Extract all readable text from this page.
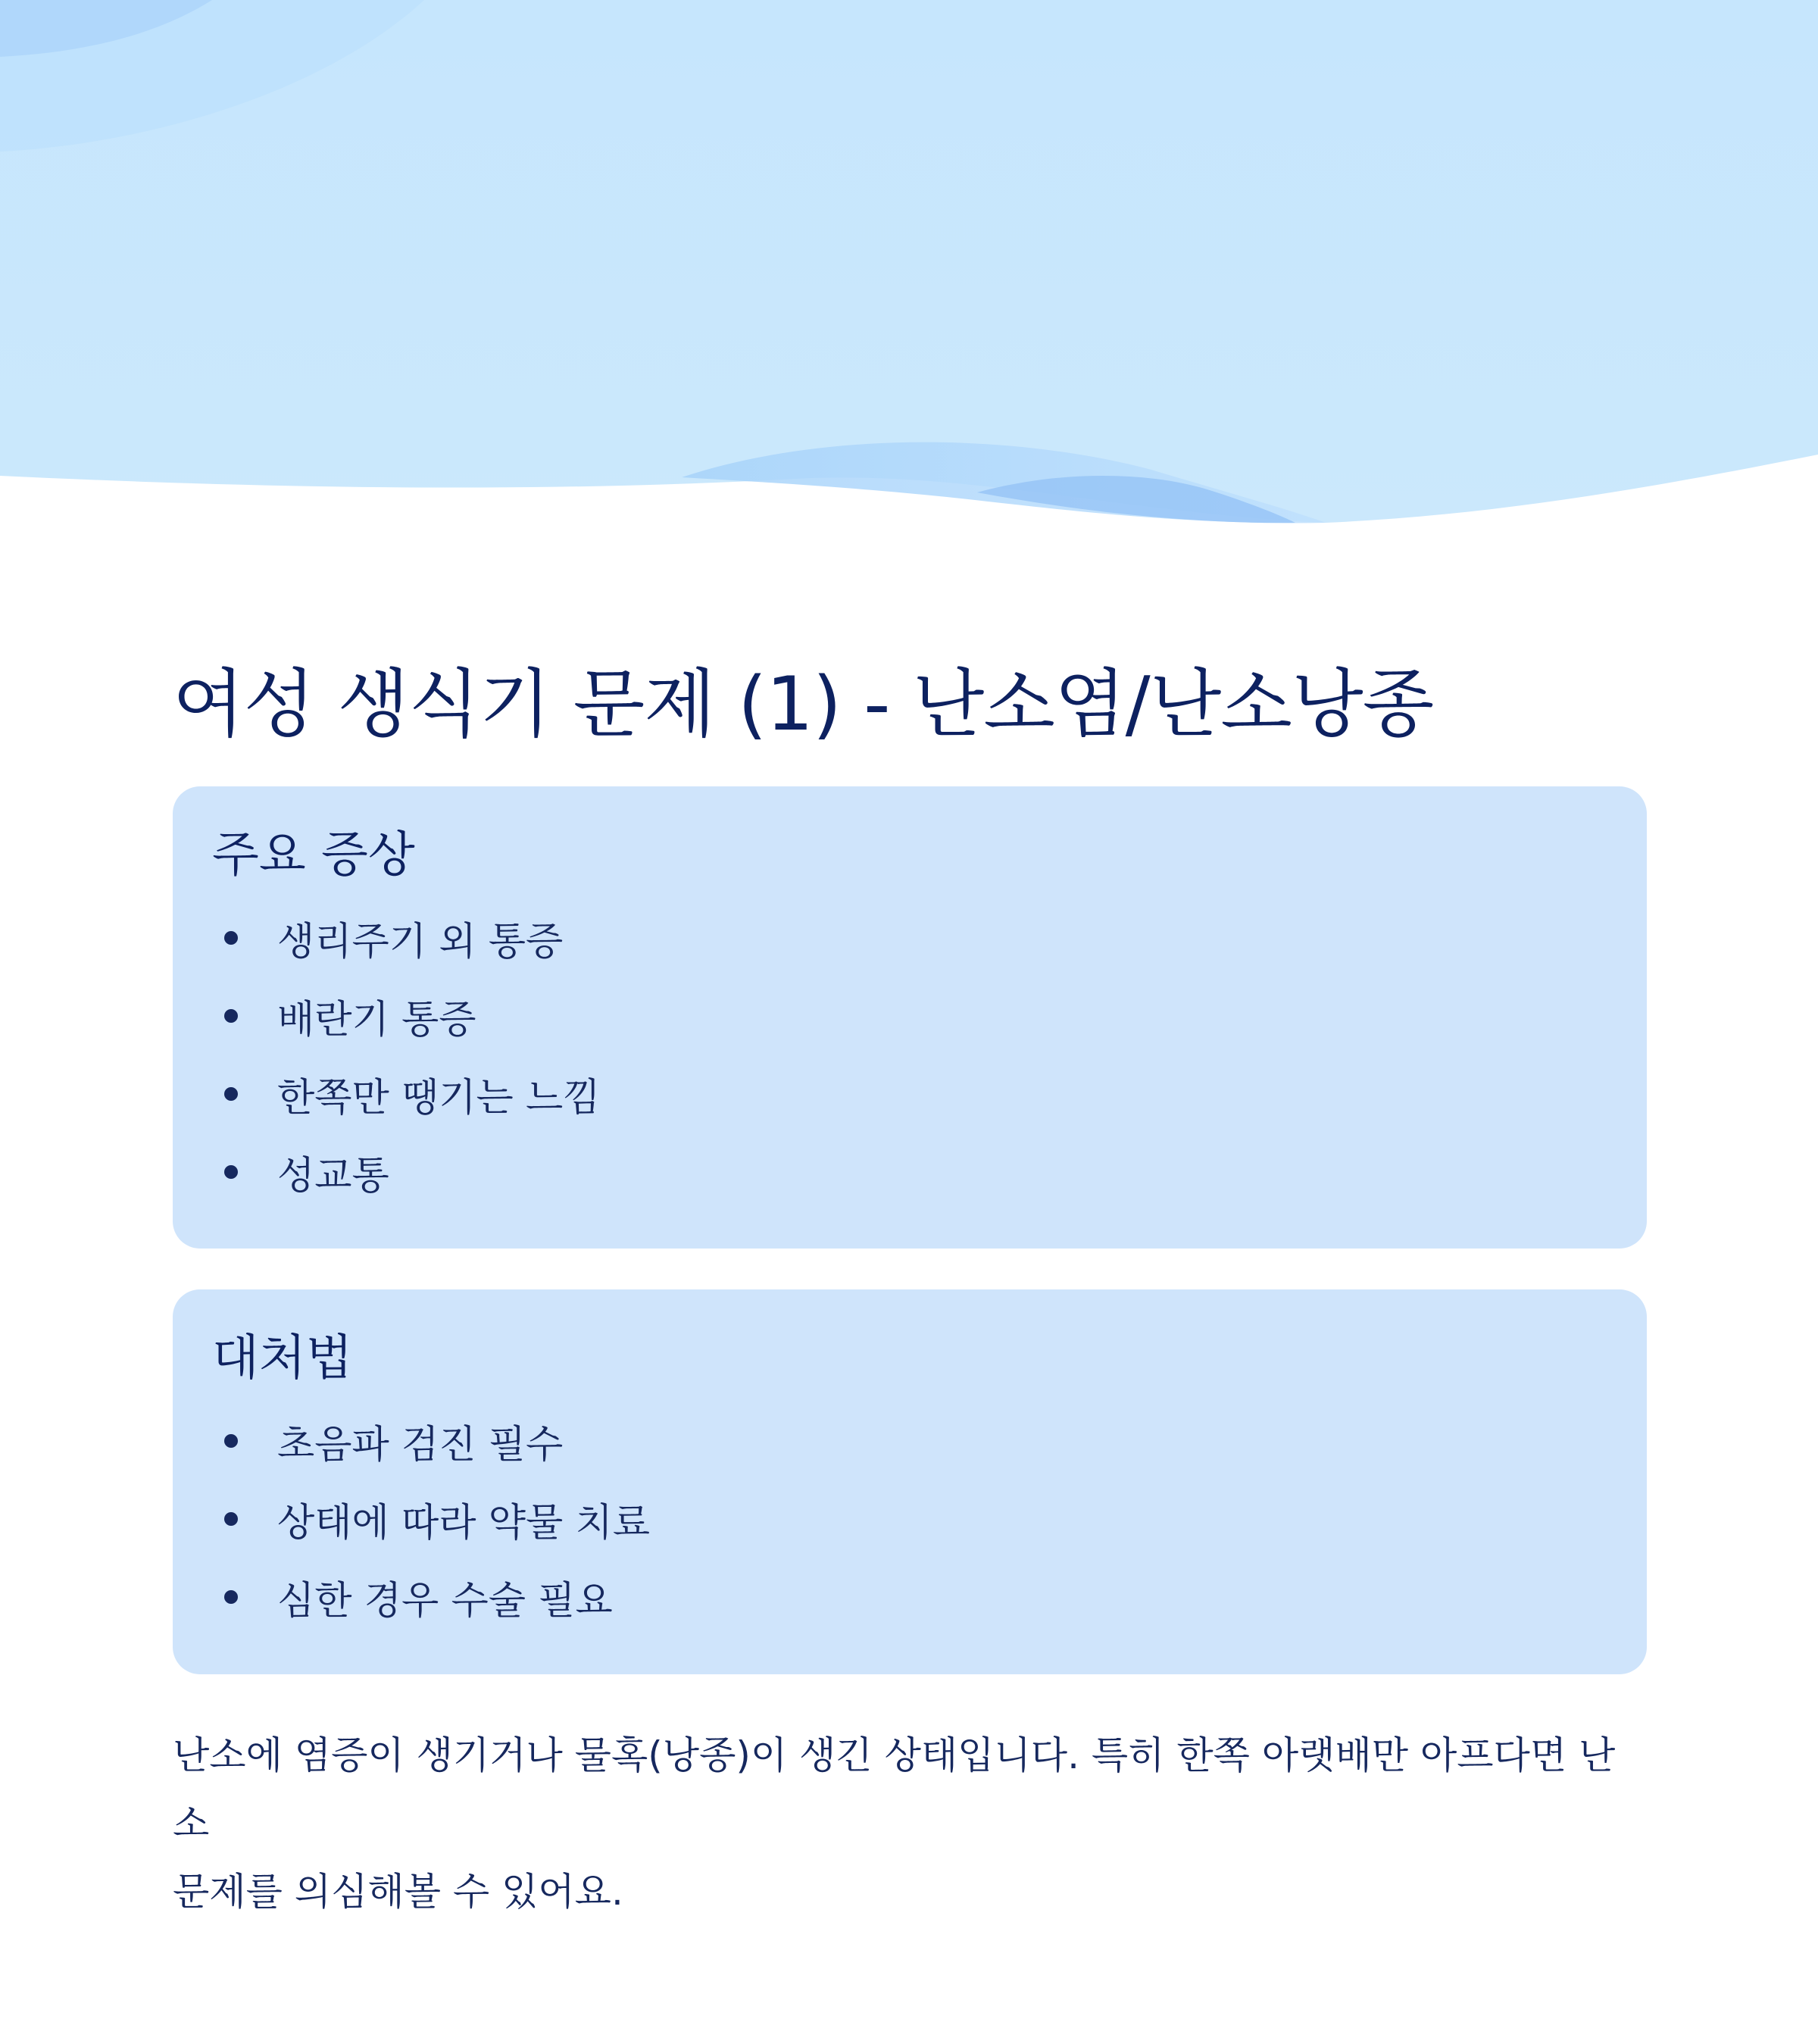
여성 생식기 문제 (1) - 난소염/난소낭종
주요 증상
생리주기 외 통증
배란기 통증
한쪽만 땡기는 느낌
성교통
대처법
초음파 검진 필수
상태에 따라 약물 치료
심한 경우 수술 필요

난소에 염증이 생기거나 물혹(낭종)이 생긴 상태입니다. 특히 한쪽 아랫배만 아프다면 난소
문제를 의심해볼 수 있어요.
